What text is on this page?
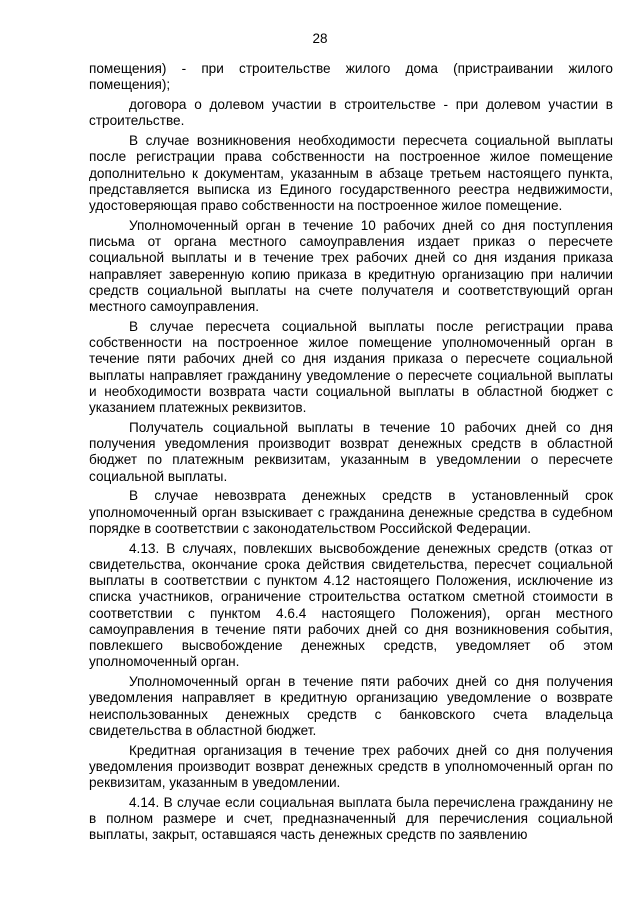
28

помещения) - при строительстве жилого дома (пристраивании жилого помещения);

договора о долевом участии в строительстве - при долевом участии в строительстве.

В случае возникновения необходимости пересчета социальной выплаты после регистрации права собственности на построенное жилое помещение дополнительно к документам, указанным в абзаце третьем настоящего пункта, представляется выписка из Единого государственного реестра недвижимости, удостоверяющая право собственности на построенное жилое помещение.

Уполномоченный орган в течение 10 рабочих дней со дня поступления письма от органа местного самоуправления издает приказ о пересчете социальной выплаты и в течение трех рабочих дней со дня издания приказа направляет заверенную копию приказа в кредитную организацию при наличии средств социальной выплаты на счете получателя и соответствующий орган местного самоуправления.

В случае пересчета социальной выплаты после регистрации права собственности на построенное жилое помещение уполномоченный орган в течение пяти рабочих дней со дня издания приказа о пересчете социальной выплаты направляет гражданину уведомление о пересчете социальной выплаты и необходимости возврата части социальной выплаты в областной бюджет с указанием платежных реквизитов.

Получатель социальной выплаты в течение 10 рабочих дней со дня получения уведомления производит возврат денежных средств в областной бюджет по платежным реквизитам, указанным в уведомлении о пересчете социальной выплаты.

В случае невозврата денежных средств в установленный срок уполномоченный орган взыскивает с гражданина денежные средства в судебном порядке в соответствии с законодательством Российской Федерации.

4.13. В случаях, повлекших высвобождение денежных средств (отказ от свидетельства, окончание срока действия свидетельства, пересчет социальной выплаты в соответствии с пунктом 4.12 настоящего Положения, исключение из списка участников, ограничение строительства остатком сметной стоимости в соответствии с пунктом 4.6.4 настоящего Положения), орган местного самоуправления в течение пяти рабочих дней со дня возникновения события, повлекшего высвобождение денежных средств, уведомляет об этом уполномоченный орган.

Уполномоченный орган в течение пяти рабочих дней со дня получения уведомления направляет в кредитную организацию уведомление о возврате неиспользованных денежных средств с банковского счета владельца свидетельства в областной бюджет.

Кредитная организация в течение трех рабочих дней со дня получения уведомления производит возврат денежных средств в уполномоченный орган по реквизитам, указанным в уведомлении.

4.14. В случае если социальная выплата была перечислена гражданину не в полном размере и счет, предназначенный для перечисления социальной выплаты, закрыт, оставшаяся часть денежных средств по заявлению
